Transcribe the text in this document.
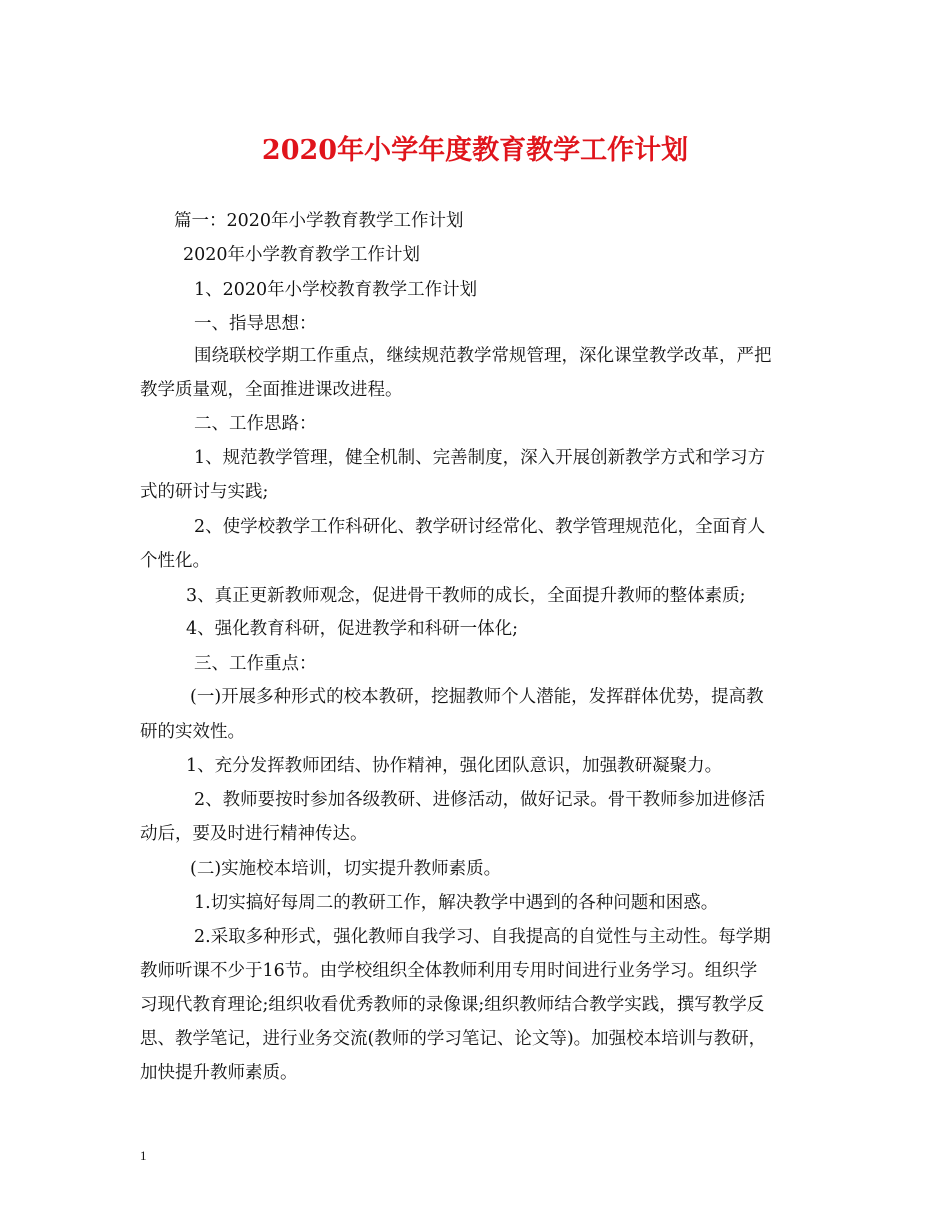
2020年小学年度教育教学工作计划
篇一：2020年小学教育教学工作计划
2020年小学教育教学工作计划
1、2020年小学校教育教学工作计划
一、指导思想：
围绕联校学期工作重点，继续规范教学常规管理，深化课堂教学改革，严把
教学质量观，全面推进课改进程。
二、工作思路：
1、规范教学管理，健全机制、完善制度，深入开展创新教学方式和学习方
式的研讨与实践;
2、使学校教学工作科研化、教学研讨经常化、教学管理规范化，全面育人
个性化。
3、真正更新教师观念，促进骨干教师的成长，全面提升教师的整体素质;
4、强化教育科研，促进教学和科研一体化;
三、工作重点：
(一)开展多种形式的校本教研，挖掘教师个人潜能，发挥群体优势，提高教
研的实效性。
1、充分发挥教师团结、协作精神，强化团队意识，加强教研凝聚力。
2、教师要按时参加各级教研、进修活动，做好记录。骨干教师参加进修活
动后，要及时进行精神传达。
(二)实施校本培训，切实提升教师素质。
1.切实搞好每周二的教研工作，解决教学中遇到的各种问题和困惑。
2.采取多种形式，强化教师自我学习、自我提高的自觉性与主动性。每学期
教师听课不少于16节。由学校组织全体教师利用专用时间进行业务学习。组织学
习现代教育理论;组织收看优秀教师的录像课;组织教师结合教学实践，撰写教学反
思、教学笔记，进行业务交流(教师的学习笔记、论文等)。加强校本培训与教研，
加快提升教师素质。
1
